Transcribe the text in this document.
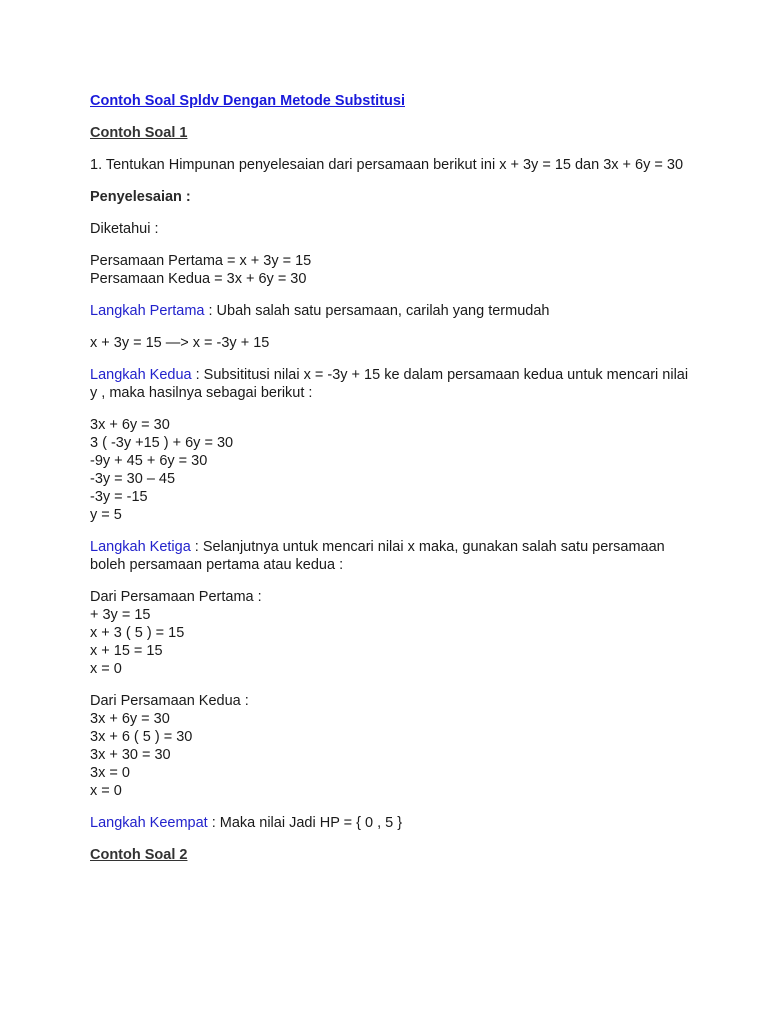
Contoh Soal Spldv Dengan Metode Substitusi
Contoh Soal 1
1. Tentukan Himpunan penyelesaian dari persamaan berikut ini x + 3y = 15 dan 3x + 6y = 30
Penyelesaian :
Diketahui :
Persamaan Pertama = x + 3y = 15
Persamaan Kedua = 3x + 6y = 30
Langkah Pertama : Ubah salah satu persamaan, carilah yang termudah
x + 3y = 15 —> x = -3y + 15
Langkah Kedua : Subsititusi nilai x = -3y + 15 ke dalam persamaan kedua untuk mencari nilai y , maka hasilnya sebagai berikut :
3x + 6y = 30
3 ( -3y +15 ) + 6y = 30
-9y + 45 + 6y = 30
-3y = 30 – 45
-3y = -15
y = 5
Langkah Ketiga : Selanjutnya untuk mencari nilai x maka, gunakan salah satu persamaan boleh persamaan pertama atau kedua :
Dari Persamaan Pertama :
+ 3y = 15
x + 3 ( 5 ) = 15
x + 15 = 15
x = 0
Dari Persamaan Kedua :
3x + 6y = 30
3x + 6 ( 5 ) = 30
3x + 30 = 30
3x = 0
x = 0
Langkah Keempat : Maka nilai Jadi HP = { 0 , 5 }
Contoh Soal 2
